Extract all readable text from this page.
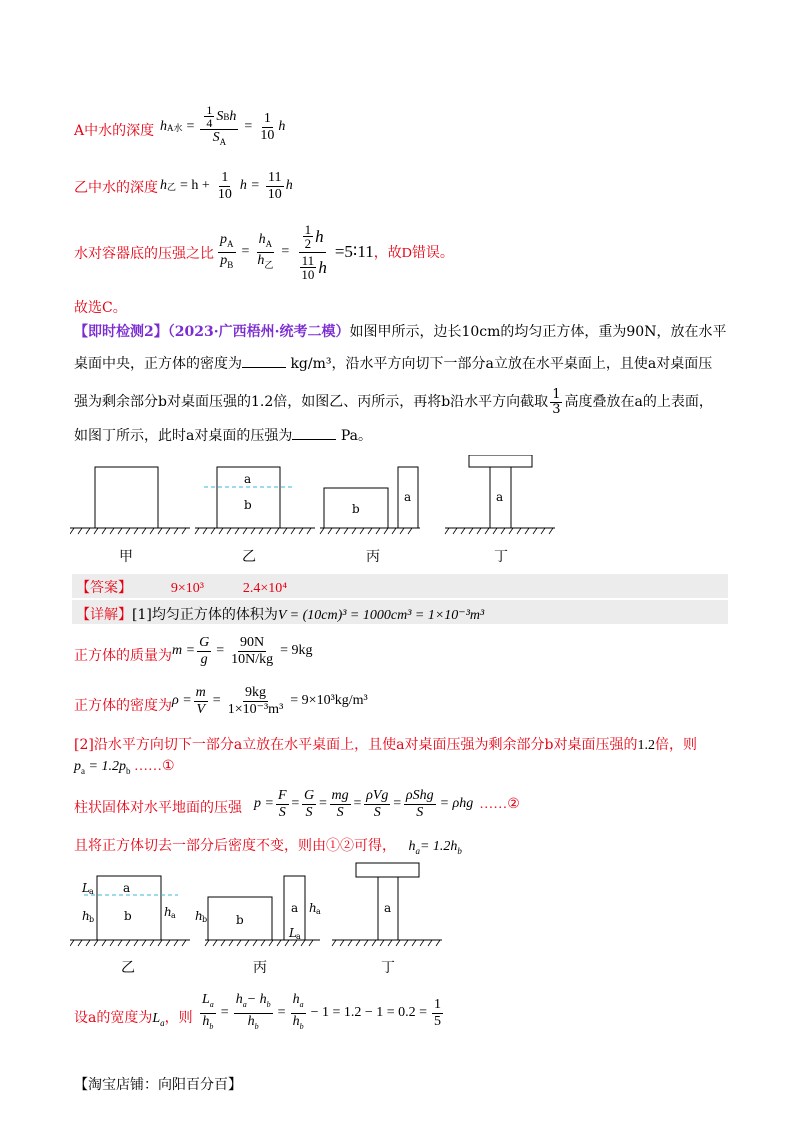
A中水的深度 h A水 = $\frac{\frac{1}{4} S B h}{S_A} = \frac{1}{10}$ h
乙中水的深度 h 乙 = $h + \frac{1}{10}$ $h = \frac{11}{10}$ h
水对容器底的压强之比 $\frac{p_A}{p_B} = \frac{h_A}{h_乙} = \frac{\frac{1}{2} h}{\frac{11}{10} h}$ =5∶11 ，故D错误。
故选C。
【即时检测2】（2023·广西梧州·统考二模）如图甲所示，边长10cm的均匀正方体，重为90N，放在水平
桌面中央，正方体的密度为	kg/m³，沿水平方向切下一部分a立放在水平桌面上，且使a对桌面压
强为剩余部分b对桌面压强的1.2倍，如图乙、丙所示，再将b沿水平方向截取 $\frac{1}{3}$ 高度叠放在a的上表面，
如图丁所示，此时a对桌面的压强为	Pa。
a
b	b
a	a
甲	乙	丙	丁
【答案】	9×10³	2.4×10⁴
【详解】[1]均匀正方体的体积为V = (10cm)³ = 1000cm³ = 1×10⁻³m³
正方体的质量为 $m = \frac{G}{g} = \frac{90N}{10N/kg} = 9kg$
正方体的密度为 $\rho = \frac{m}{V} = \frac{9kg}{\text{1×10⁻³m³}} = 9\times 10^3kg/m^3$
[2]沿水平方向切下一部分a立放在水平桌面上，且使a对桌面压强为剩余部分b对桌面压强的1.2倍，则
$p_a = 1.2p_b$ ……①
柱状固体对水平地面的压强 $p = \frac{F}{S} = \frac{G}{S} = \frac{mg}{S} = \frac{\text{ρVg}}{S} = \frac{\text{ρShg}}{S} = \rho hg$ ……②
且将正方体切去一部分后密度不变，则由①②可得， $h_a= 1.2h_b$
a
b
L a
h b
h a	b
h b
a
L a
h a	a
乙	丙	丁
设a的宽度为$L_a$，则 $\frac{L_a}{h_b} = \frac{h_a- h_b}{h_b} = \frac{h_a}{h_b} - 1 = 1.2 - 1 = 0.2 = \frac{1}{5}$
【淘宝店铺：向阳百分百】
